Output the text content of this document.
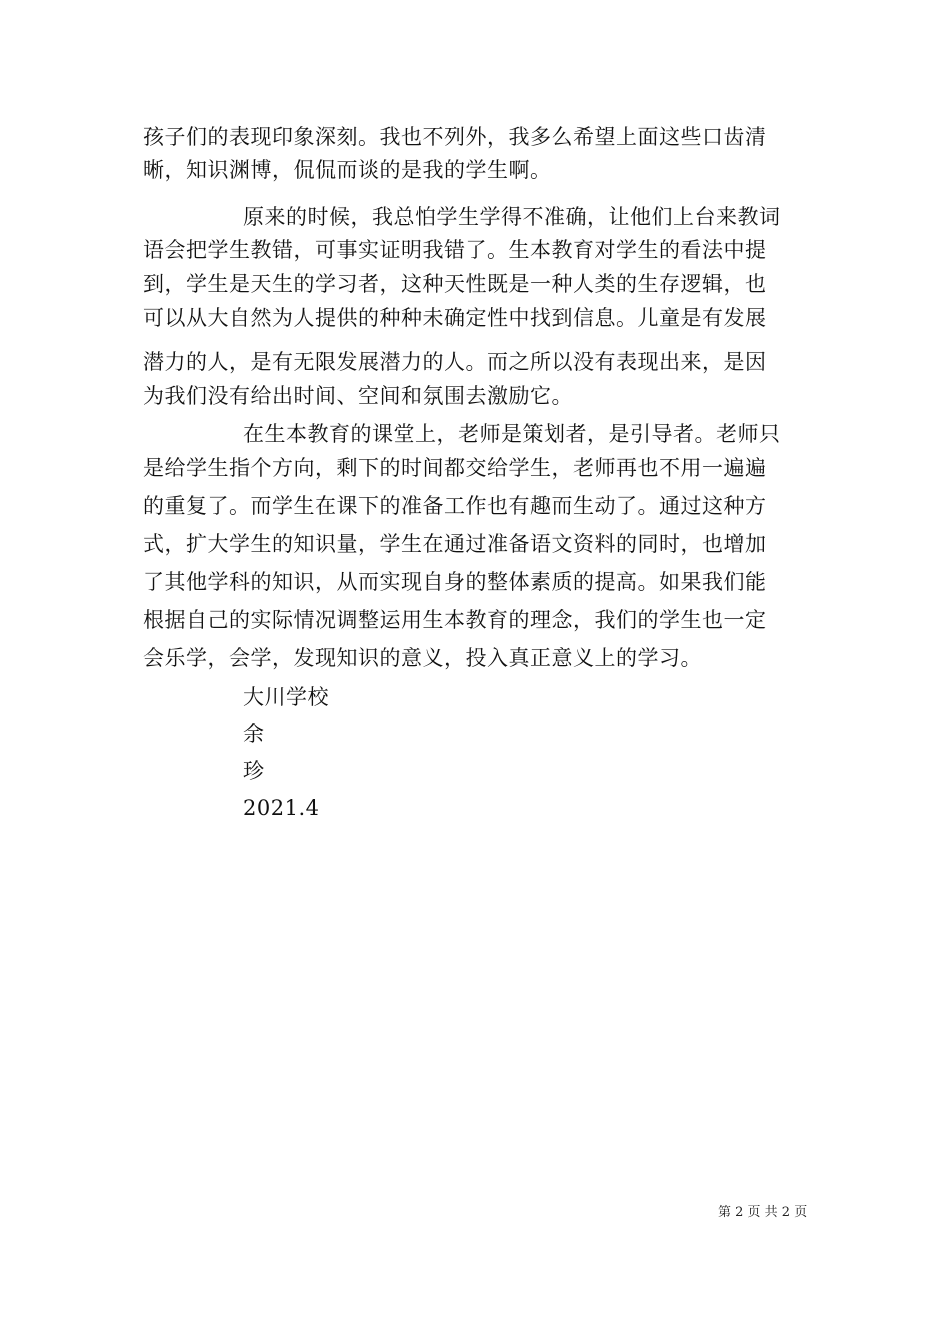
孩子们的表现印象深刻。我也不列外，我多么希望上面这些口齿清
晰，知识渊博，侃侃而谈的是我的学生啊。
原来的时候，我总怕学生学得不准确，让他们上台来教词
语会把学生教错，可事实证明我错了。生本教育对学生的看法中提
到，学生是天生的学习者，这种天性既是一种人类的生存逻辑，也
可以从大自然为人提供的种种未确定性中找到信息。儿童是有发展
潜力的人，是有无限发展潜力的人。而之所以没有表现出来，是因
为我们没有给出时间、空间和氛围去激励它。
在生本教育的课堂上，老师是策划者，是引导者。老师只
是给学生指个方向，剩下的时间都交给学生，老师再也不用一遍遍
的重复了。而学生在课下的准备工作也有趣而生动了。通过这种方
式，扩大学生的知识量，学生在通过准备语文资料的同时，也增加
了其他学科的知识，从而实现自身的整体素质的提高。如果我们能
根据自己的实际情况调整运用生本教育的理念，我们的学生也一定
会乐学，会学，发现知识的意义，投入真正意义上的学习。
大川学校
余
珍
2021.4
第 2 页 共 2 页
